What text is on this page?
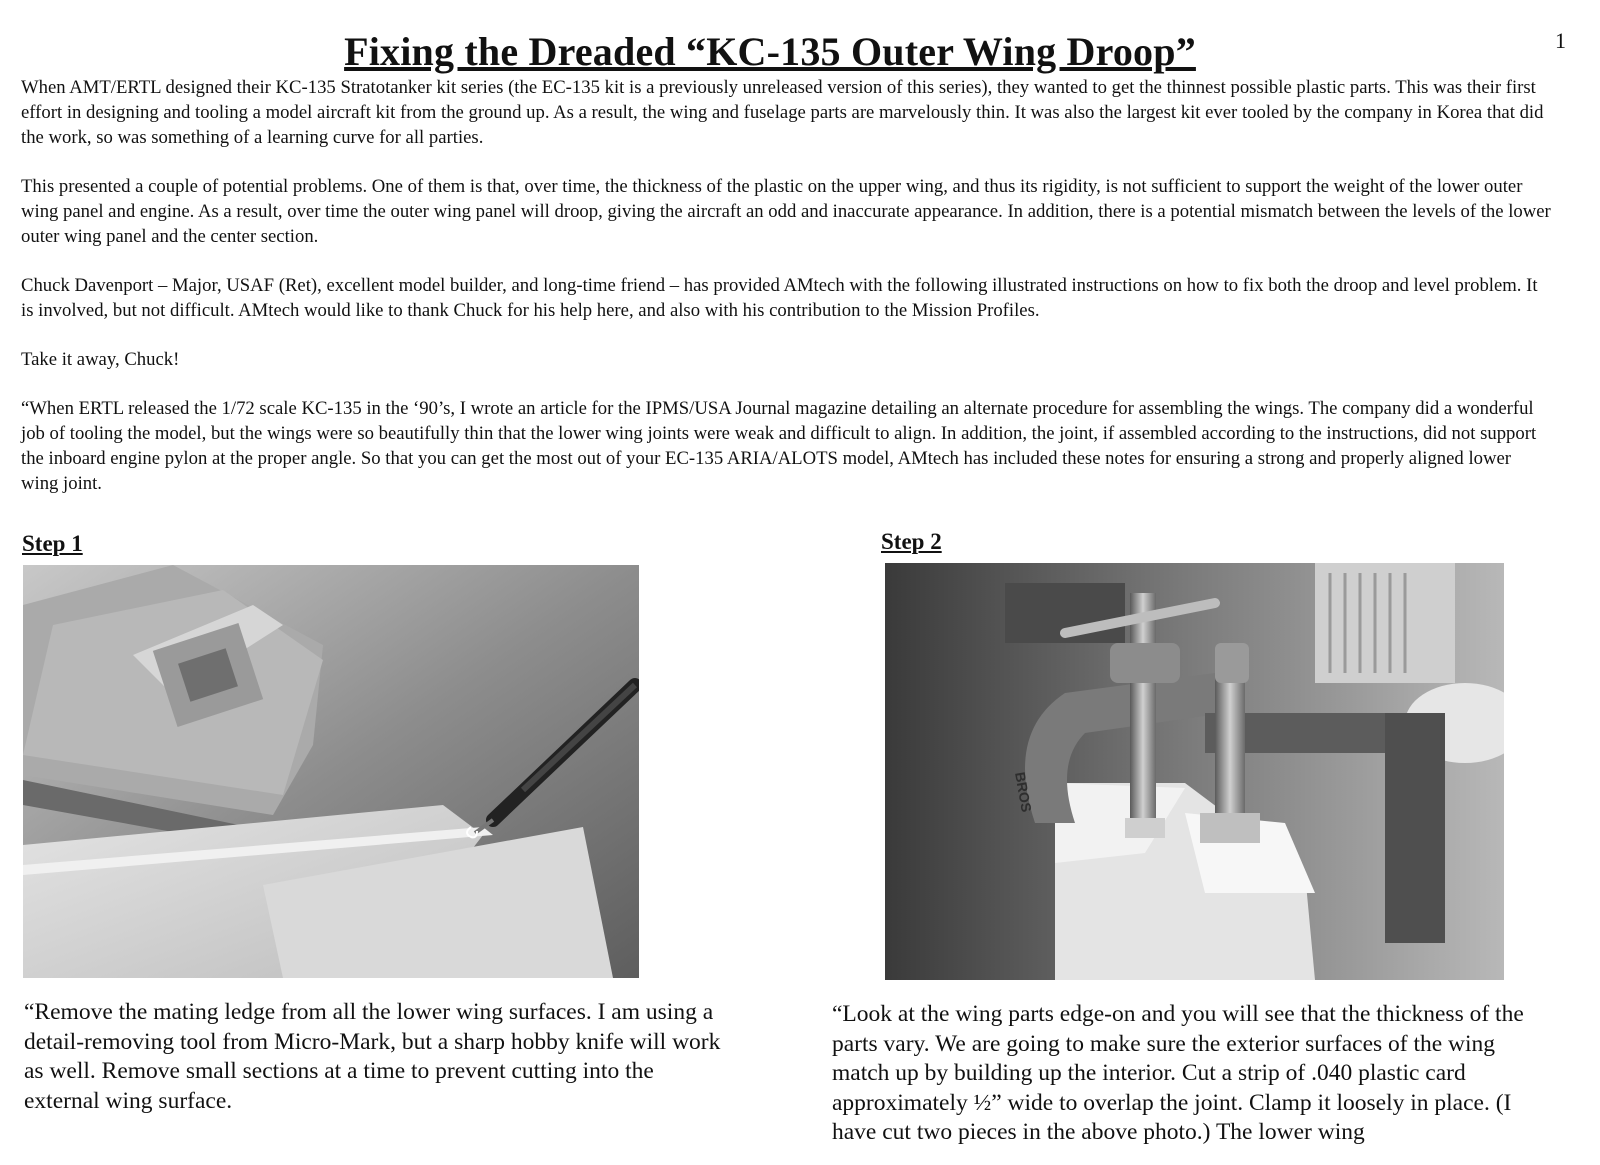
1
Fixing the Dreaded “KC-135 Outer Wing Droop”

When AMT/ERTL designed their KC-135 Stratotanker kit series (the EC-135 kit is a previously unreleased version of this series), they wanted to get the thinnest possible plastic parts. This was their first effort in designing and tooling a model aircraft kit from the ground up. As a result, the wing and fuselage parts are marvelously thin. It was also the largest kit ever tooled by the company in Korea that did the work, so was something of a learning curve for all parties.

This presented a couple of potential problems. One of them is that, over time, the thickness of the plastic on the upper wing, and thus its rigidity, is not sufficient to support the weight of the lower outer wing panel and engine. As a result, over time the outer wing panel will droop, giving the aircraft an odd and inaccurate appearance. In addition, there is a potential mismatch between the levels of the lower outer wing panel and the center section.

Chuck Davenport – Major, USAF (Ret), excellent model builder, and long-time friend – has provided AMtech with the following illustrated instructions on how to fix both the droop and level problem. It is involved, but not difficult. AMtech would like to thank Chuck for his help here, and also with his contribution to the Mission Profiles.

Take it away, Chuck!

“When ERTL released the 1/72 scale KC-135 in the ‘90’s, I wrote an article for the IPMS/USA Journal magazine detailing an alternate procedure for assembling the wings. The company did a wonderful job of tooling the model, but the wings were so beautifully thin that the lower wing joints were weak and difficult to align. In addition, the joint, if assembled according to the instructions, did not support the inboard engine pylon at the proper angle. So that you can get the most out of your EC-135 ARIA/ALOTS model, AMtech has included these notes for ensuring a strong and properly aligned lower wing joint.

Step 1
“Remove the mating ledge from all the lower wing surfaces. I am using a detail-removing tool from Micro-Mark, but a sharp hobby knife will work as well. Remove small sections at a time to prevent cutting into the external wing surface.
Step 2
BROS
“Look at the wing parts edge-on and you will see that the thickness of the parts vary. We are going to make sure the exterior surfaces of the wing match up by building up the interior. Cut a strip of .040 plastic card approximately ½” wide to overlap the joint. Clamp it loosely in place. (I have cut two pieces in the above photo.) The lower wing
